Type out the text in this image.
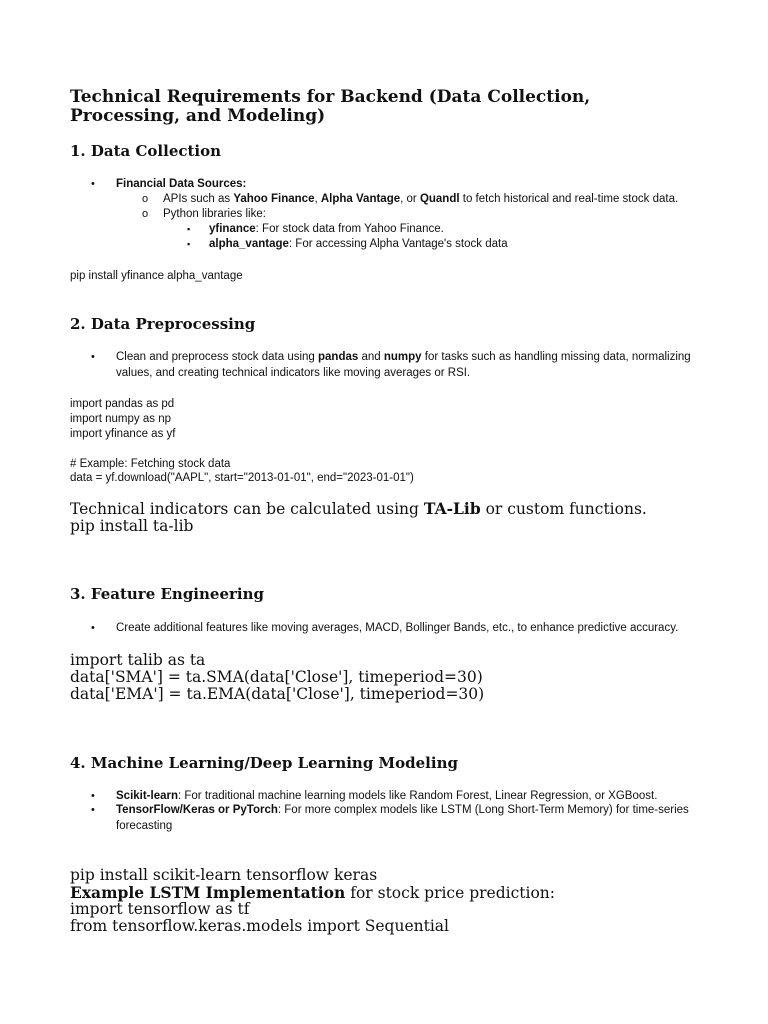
Technical Requirements for Backend (Data Collection,
Processing, and Modeling)
1. Data Collection
• Financial Data Sources:
o APIs such as Yahoo Finance, Alpha Vantage, or Quandl to fetch historical and real-time stock data.
o Python libraries like:
▪ yfinance: For stock data from Yahoo Finance.
▪ alpha_vantage: For accessing Alpha Vantage's stock data
pip install yfinance alpha_vantage
2. Data Preprocessing
• Clean and preprocess stock data using pandas and numpy for tasks such as handling missing data, normalizing
values, and creating technical indicators like moving averages or RSI.
import pandas as pd
import numpy as np
import yfinance as yf
# Example: Fetching stock data
data = yf.download("AAPL", start="2013-01-01", end="2023-01-01")
Technical indicators can be calculated using TA-Lib or custom functions.
pip install ta-lib
3. Feature Engineering
• Create additional features like moving averages, MACD, Bollinger Bands, etc., to enhance predictive accuracy.
import talib as ta
data['SMA'] = ta.SMA(data['Close'], timeperiod=30)
data['EMA'] = ta.EMA(data['Close'], timeperiod=30)
4. Machine Learning/Deep Learning Modeling
• Scikit-learn: For traditional machine learning models like Random Forest, Linear Regression, or XGBoost.
• TensorFlow/Keras or PyTorch: For more complex models like LSTM (Long Short-Term Memory) for time-series
forecasting
pip install scikit-learn tensorflow keras
Example LSTM Implementation for stock price prediction:
import tensorflow as tf
from tensorflow.keras.models import Sequential
